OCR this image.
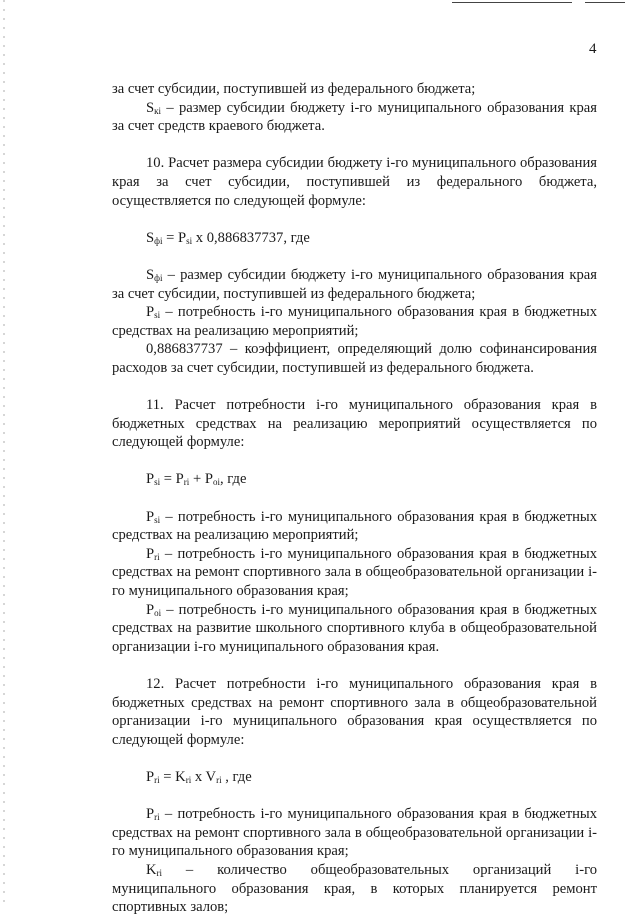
4

за счет субсидии, поступившей из федерального бюджета;

$S_{кi}$ – размер субсидии бюджету i-го муниципального образования края за счет средств краевого бюджета.

10. Расчет размера субсидии бюджету i-го муниципального образования края за счет субсидии, поступившей из федерального бюджета, осуществляется по следующей формуле:

$S_{фi} = P_{si}$ x 0,886837737, где

$S_{фi}$ – размер субсидии бюджету i-го муниципального образования края за счет субсидии, поступившей из федерального бюджета;

$P_{si}$ – потребность i-го муниципального образования края в бюджетных средствах на реализацию мероприятий;

0,886837737 – коэффициент, определяющий долю софинансирования расходов за счет субсидии, поступившей из федерального бюджета.

11. Расчет потребности i-го муниципального образования края в бюджетных средствах на реализацию мероприятий осуществляется по следующей формуле:

$P_{si} = P_{ri} + P_{oi}$, где

$P_{si}$ – потребность i-го муниципального образования края в бюджетных средствах на реализацию мероприятий;

$P_{ri}$ – потребность i-го муниципального образования края в бюджетных средствах на ремонт спортивного зала в общеобразовательной организации i-го муниципального образования края;

$P_{oi}$ – потребность i-го муниципального образования края в бюджетных средствах на развитие школьного спортивного клуба в общеобразовательной организации i-го муниципального образования края.

12. Расчет потребности i-го муниципального образования края в бюджетных средствах на ремонт спортивного зала в общеобразовательной организации i-го муниципального образования края осуществляется по следующей формуле:

$P_{ri} = K_{ri}$ x $V_{ri}$ , где

$P_{ri}$ – потребность i-го муниципального образования края в бюджетных средствах на ремонт спортивного зала в общеобразовательной организации i-го муниципального образования края;

$K_{ri}$ – количество общеобразовательных организаций i-го муниципального образования края, в которых планируется ремонт спортивных залов;
